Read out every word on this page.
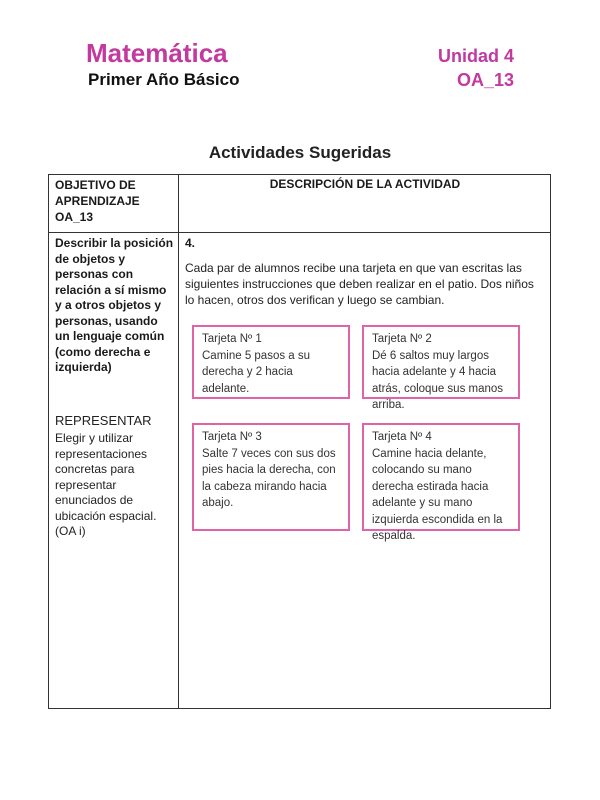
Matemática
Primer Año Básico
Unidad 4
OA_13
Actividades Sugeridas
OBJETIVO DE APRENDIZAJE OA_13
DESCRIPCIÓN DE LA ACTIVIDAD
Describir la posición de objetos y personas con relación a sí mismo y a otros objetos y personas, usando un lenguaje común (como derecha e izquierda)
REPRESENTAR
Elegir y utilizar representaciones concretas para representar enunciados de ubicación espacial. (OA i)
4.
Cada par de alumnos recibe una tarjeta en que van escritas las siguientes instrucciones que deben realizar en el patio. Dos niños lo hacen, otros dos verifican y luego se cambian.
Tarjeta Nº 1
Camine 5 pasos a su derecha y 2 hacia adelante.
Tarjeta Nº 2
Dé 6 saltos muy largos hacia adelante y 4 hacia atrás, coloque sus manos arriba.
Tarjeta Nº 3
Salte 7 veces con sus dos pies hacia la derecha, con la cabeza mirando hacia abajo.
Tarjeta Nº 4
Camine hacia delante, colocando su mano derecha estirada hacia adelante y su mano izquierda escondida en la espalda.
